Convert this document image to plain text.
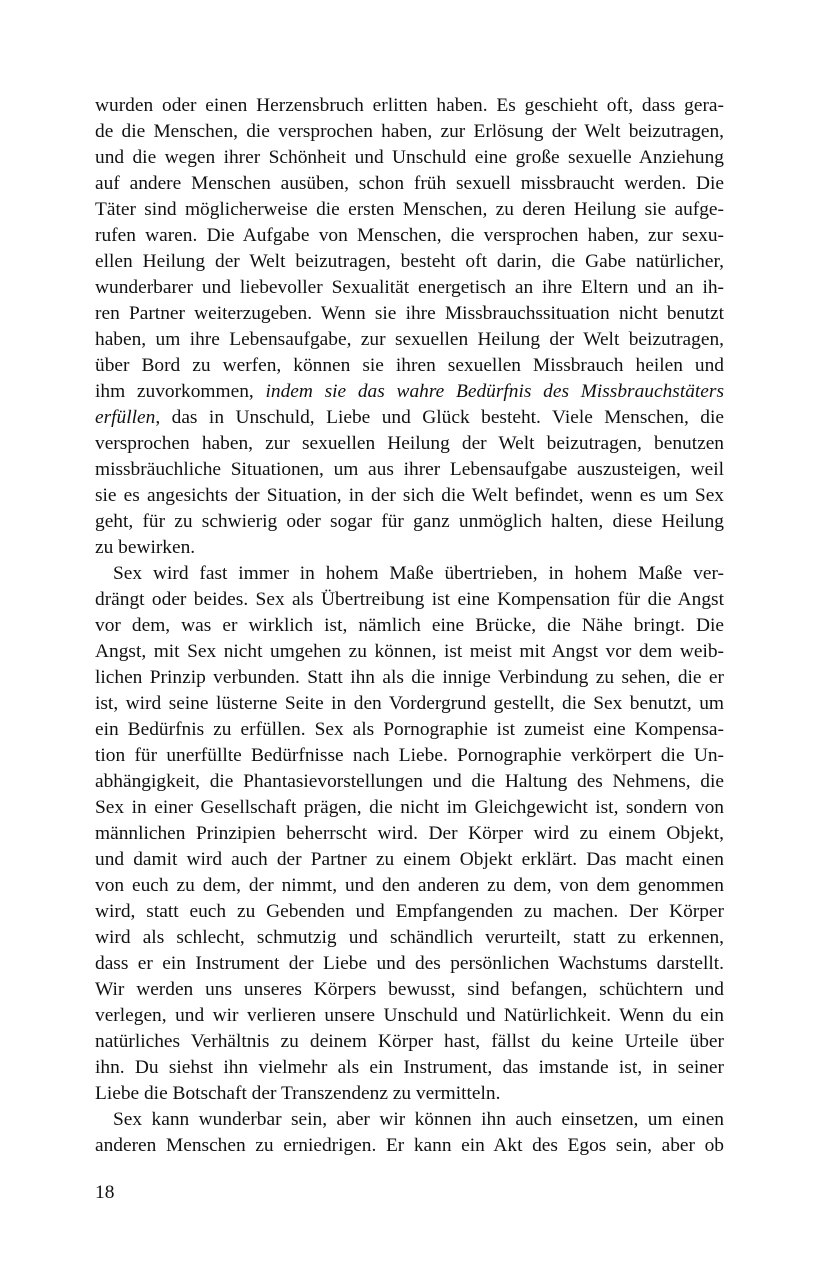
wurden oder einen Herzensbruch erlitten haben. Es geschieht oft, dass gera-
de die Menschen, die versprochen haben, zur Erlösung der Welt beizutragen,
und die wegen ihrer Schönheit und Unschuld eine große sexuelle Anziehung
auf andere Menschen ausüben, schon früh sexuell missbraucht werden. Die
Täter sind möglicherweise die ersten Menschen, zu deren Heilung sie aufge-
rufen waren. Die Aufgabe von Menschen, die versprochen haben, zur sexu-
ellen Heilung der Welt beizutragen, besteht oft darin, die Gabe natürlicher,
wunderbarer und liebevoller Sexualität energetisch an ihre Eltern und an ih-
ren Partner weiterzugeben. Wenn sie ihre Missbrauchssituation nicht benutzt
haben, um ihre Lebensaufgabe, zur sexuellen Heilung der Welt beizutragen,
über Bord zu werfen, können sie ihren sexuellen Missbrauch heilen und
ihm zuvorkommen, indem sie das wahre Bedürfnis des Missbrauchstäters
erfüllen, das in Unschuld, Liebe und Glück besteht. Viele Menschen, die
versprochen haben, zur sexuellen Heilung der Welt beizutragen, benutzen
missbräuchliche Situationen, um aus ihrer Lebensaufgabe auszusteigen, weil
sie es angesichts der Situation, in der sich die Welt befindet, wenn es um Sex
geht, für zu schwierig oder sogar für ganz unmöglich halten, diese Heilung
zu bewirken.
Sex wird fast immer in hohem Maße übertrieben, in hohem Maße ver-
drängt oder beides. Sex als Übertreibung ist eine Kompensation für die Angst
vor dem, was er wirklich ist, nämlich eine Brücke, die Nähe bringt. Die
Angst, mit Sex nicht umgehen zu können, ist meist mit Angst vor dem weib-
lichen Prinzip verbunden. Statt ihn als die innige Verbindung zu sehen, die er
ist, wird seine lüsterne Seite in den Vordergrund gestellt, die Sex benutzt, um
ein Bedürfnis zu erfüllen. Sex als Pornographie ist zumeist eine Kompensa-
tion für unerfüllte Bedürfnisse nach Liebe. Pornographie verkörpert die Un-
abhängigkeit, die Phantasievorstellungen und die Haltung des Nehmens, die
Sex in einer Gesellschaft prägen, die nicht im Gleichgewicht ist, sondern von
männlichen Prinzipien beherrscht wird. Der Körper wird zu einem Objekt,
und damit wird auch der Partner zu einem Objekt erklärt. Das macht einen
von euch zu dem, der nimmt, und den anderen zu dem, von dem genommen
wird, statt euch zu Gebenden und Empfangenden zu machen. Der Körper
wird als schlecht, schmutzig und schändlich verurteilt, statt zu erkennen,
dass er ein Instrument der Liebe und des persönlichen Wachstums darstellt.
Wir werden uns unseres Körpers bewusst, sind befangen, schüchtern und
verlegen, und wir verlieren unsere Unschuld und Natürlichkeit. Wenn du ein
natürliches Verhältnis zu deinem Körper hast, fällst du keine Urteile über
ihn. Du siehst ihn vielmehr als ein Instrument, das imstande ist, in seiner
Liebe die Botschaft der Transzendenz zu vermitteln.
Sex kann wunderbar sein, aber wir können ihn auch einsetzen, um einen
anderen Menschen zu erniedrigen. Er kann ein Akt des Egos sein, aber ob
18
